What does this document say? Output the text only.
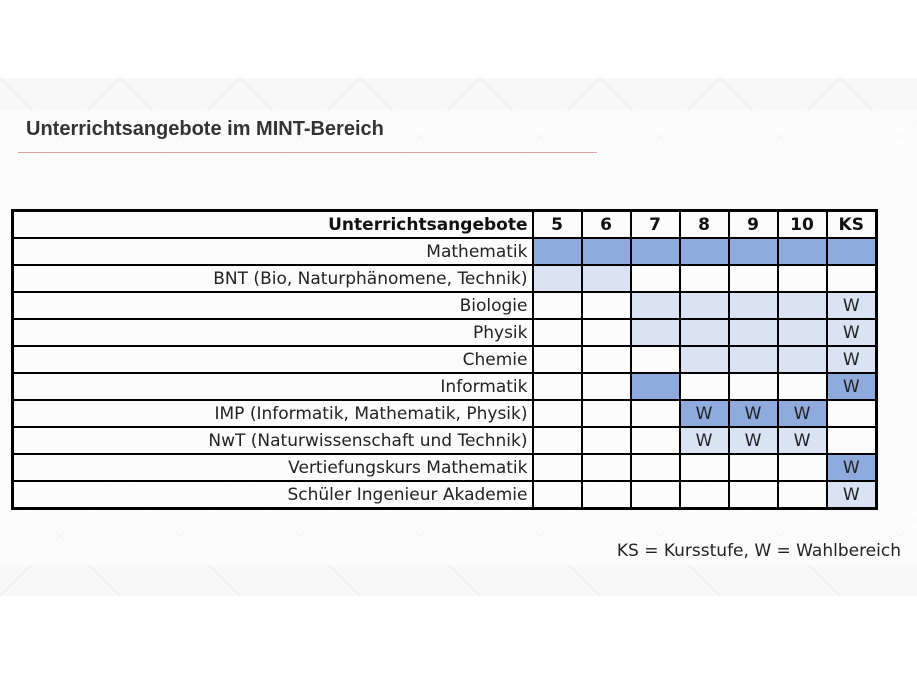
Unterrichtsangebote im MINT-Bereich
Unterrichtsangebote	5	6	7	8	9	10	KS
Mathematik							
BNT (Bio, Naturphänomene, Technik)							
Biologie							W
Physik							W
Chemie							W
Informatik							W
IMP (Informatik, Mathematik, Physik)				W	W	W	
NwT (Naturwissenschaft und Technik)				W	W	W	
Vertiefungskurs Mathematik							W
Schüler Ingenieur Akademie							W
KS = Kursstufe, W = Wahlbereich
